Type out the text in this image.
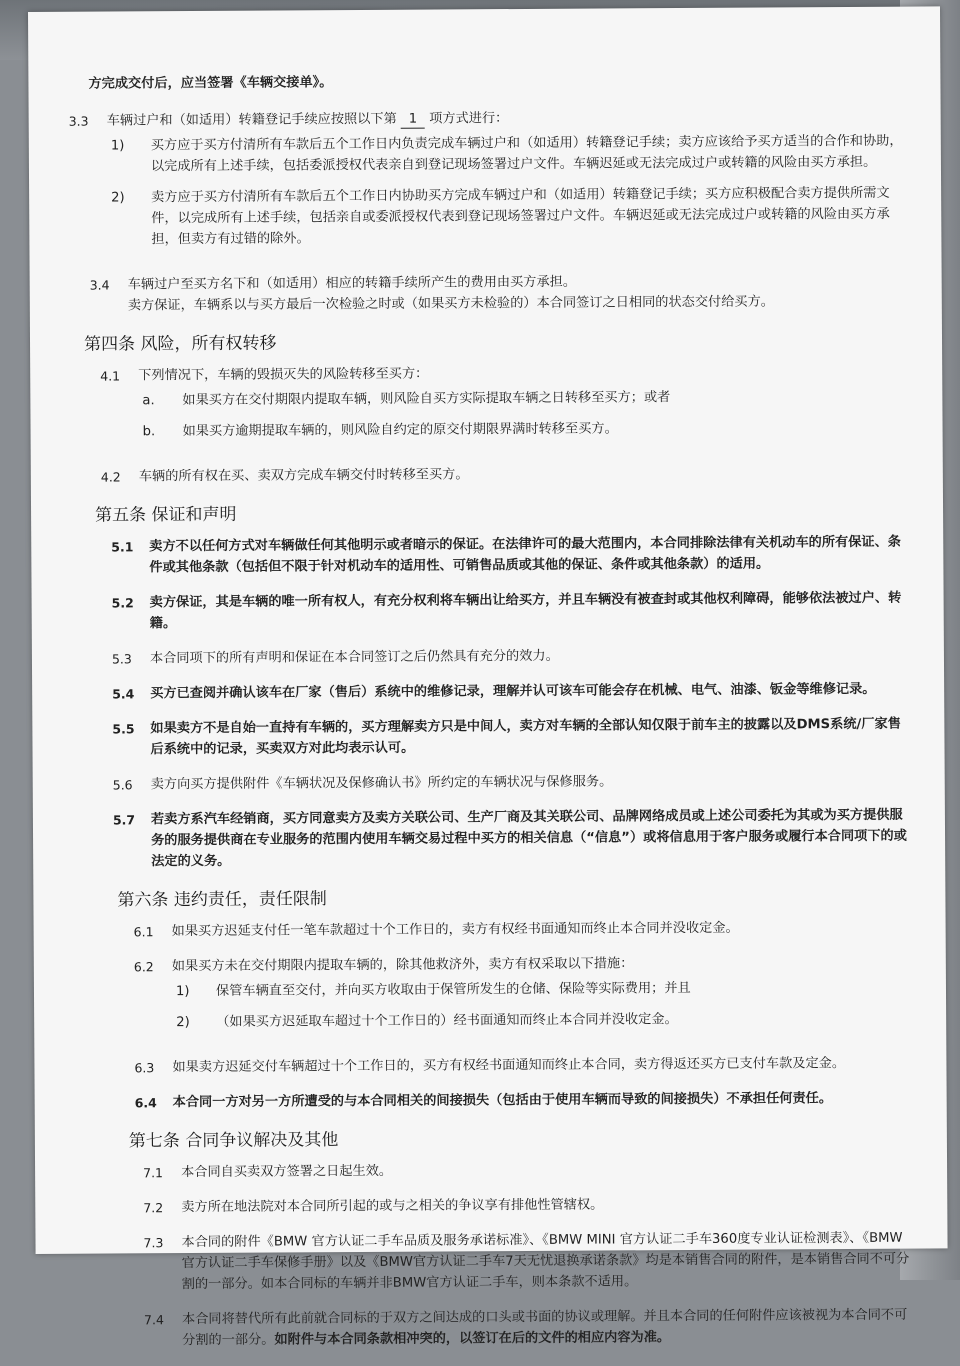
方完成交付后，应当签署《车辆交接单》。

3.3	车辆过户和（如适用）转籍登记手续应按照以下第 1 项方式进行：
1)	买方应于买方付清所有车款后五个工作日内负责完成车辆过户和（如适用）转籍登记手续；卖方应该给予买方适当的合作和协助，以完成所有上述手续，包括委派授权代表亲自到登记现场签署过户文件。车辆迟延或无法完成过户或转籍的风险由买方承担。
2)	卖方应于买方付清所有车款后五个工作日内协助买方完成车辆过户和（如适用）转籍登记手续；买方应积极配合卖方提供所需文件，以完成所有上述手续，包括亲自或委派授权代表到登记现场签署过户文件。车辆迟延或无法完成过户或转籍的风险由买方承担，但卖方有过错的除外。
3.4	车辆过户至买方名下和（如适用）相应的转籍手续所产生的费用由买方承担。
卖方保证，车辆系以与买方最后一次检验之时或（如果买方未检验的）本合同签订之日相同的状态交付给买方。
第四条 风险，所有权转移
4.1	下列情况下，车辆的毁损灭失的风险转移至买方：
a.	如果买方在交付期限内提取车辆，则风险自买方实际提取车辆之日转移至买方；或者
b.	如果买方逾期提取车辆的，则风险自约定的原交付期限界满时转移至买方。
4.2	车辆的所有权在买、卖双方完成车辆交付时转移至买方。
第五条 保证和声明
5.1	卖方不以任何方式对车辆做任何其他明示或者暗示的保证。在法律许可的最大范围内，本合同排除法律有关机动车的所有保证、条件或其他条款（包括但不限于针对机动车的适用性、可销售品质或其他的保证、条件或其他条款）的适用。
5.2	卖方保证，其是车辆的唯一所有权人，有充分权利将车辆出让给买方，并且车辆没有被查封或其他权利障碍，能够依法被过户、转籍。
5.3	本合同项下的所有声明和保证在本合同签订之后仍然具有充分的效力。
5.4	买方已查阅并确认该车在厂家（售后）系统中的维修记录，理解并认可该车可能会存在机械、电气、油漆、钣金等维修记录。
5.5	如果卖方不是自始一直持有车辆的，买方理解卖方只是中间人，卖方对车辆的全部认知仅限于前车主的披露以及DMS系统/厂家售后系统中的记录，买卖双方对此均表示认可。
5.6	卖方向买方提供附件《车辆状况及保修确认书》所约定的车辆状况与保修服务。
5.7	若卖方系汽车经销商，买方同意卖方及卖方关联公司、生产厂商及其关联公司、品牌网络成员或上述公司委托为其或为买方提供服务的服务提供商在专业服务的范围内使用车辆交易过程中买方的相关信息（“信息”）或将信息用于客户服务或履行本合同项下的或法定的义务。
第六条 违约责任，责任限制
6.1	如果买方迟延支付任一笔车款超过十个工作日的，卖方有权经书面通知而终止本合同并没收定金。
6.2	如果买方未在交付期限内提取车辆的，除其他救济外，卖方有权采取以下措施：
1)	保管车辆直至交付，并向买方收取由于保管所发生的仓储、保险等实际费用；并且
2)	（如果买方迟延取车超过十个工作日的）经书面通知而终止本合同并没收定金。
6.3	如果卖方迟延交付车辆超过十个工作日的，买方有权经书面通知而终止本合同，卖方得返还买方已支付车款及定金。
6.4	本合同一方对另一方所遭受的与本合同相关的间接损失（包括由于使用车辆而导致的间接损失）不承担任何责任。
第七条 合同争议解决及其他
7.1	本合同自买卖双方签署之日起生效。
7.2	卖方所在地法院对本合同所引起的或与之相关的争议享有排他性管辖权。
7.3	本合同的附件《BMW 官方认证二手车品质及服务承诺标准》、《BMW MINI 官方认证二手车360度专业认证检测表》、《BMW官方认证二手车保修手册》以及《BMW官方认证二手车7天无忧退换承诺条款》均是本销售合同的附件，是本销售合同不可分割的一部分。如本合同标的车辆并非BMW官方认证二手车，则本条款不适用。
7.4	本合同将替代所有此前就合同标的于双方之间达成的口头或书面的协议或理解。并且本合同的任何附件应该被视为本合同不可分割的一部分。如附件与本合同条款相冲突的，以签订在后的文件的相应内容为准。
